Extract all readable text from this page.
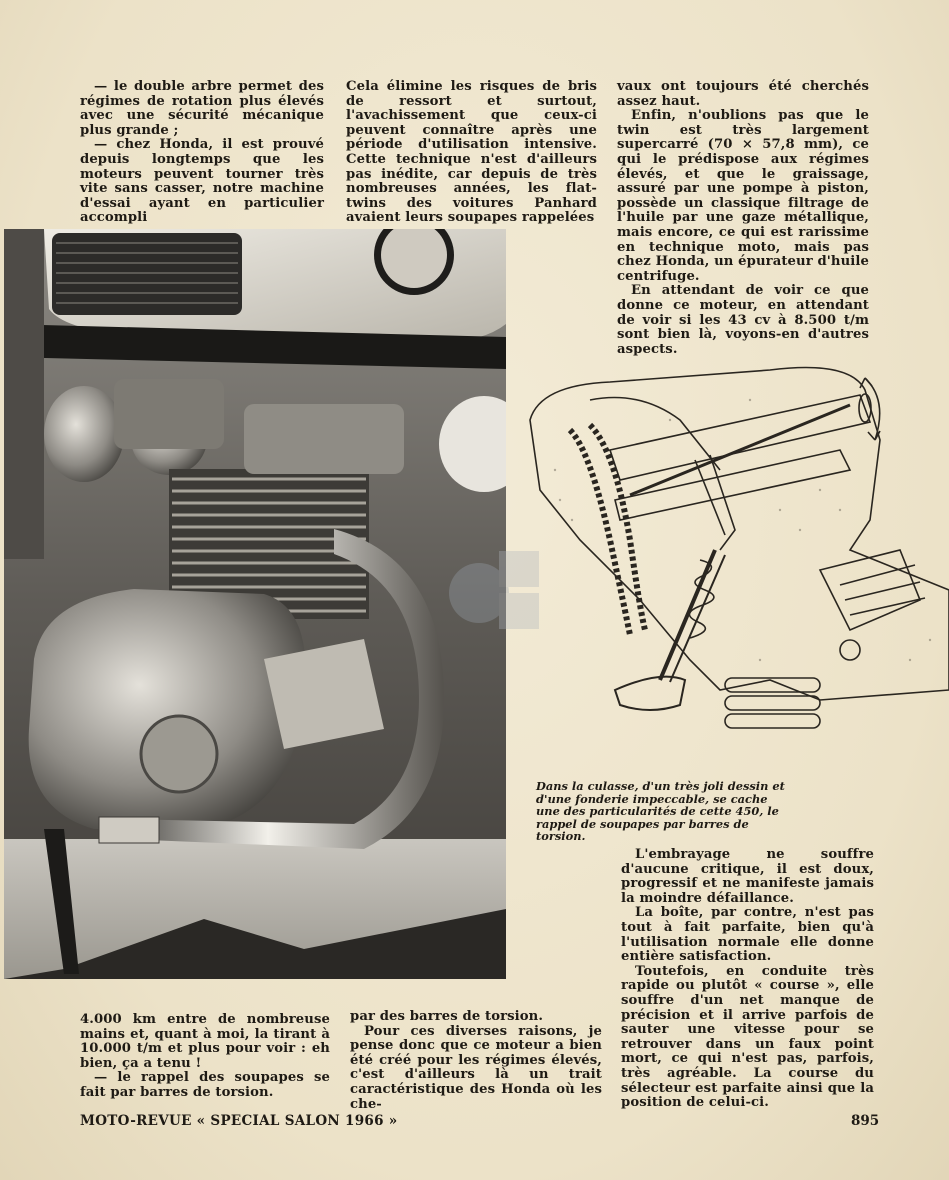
— le double arbre permet des régimes de rotation plus élevés avec une sécurité mécanique plus grande ;

— chez Honda, il est prouvé depuis longtemps que les moteurs peuvent tourner très vite sans casser, notre machine d'essai ayant en particulier accompli

Cela élimine les risques de bris de ressort et surtout, l'avachissement que ceux-ci peuvent connaître après une période d'utilisation intensive. Cette technique n'est d'ailleurs pas inédite, car depuis de très nombreuses années, les flat-twins des voitures Panhard avaient leurs soupapes rappelées

vaux ont toujours été cherchés assez haut.

Enfin, n'oublions pas que le twin est très largement supercarré (70 × 57,8 mm), ce qui le prédispose aux régimes élevés, et que le graissage, assuré par une pompe à piston, possède un classique filtrage de l'huile par une gaze métallique, mais encore, ce qui est rarissime en technique moto, mais pas chez Honda, un épurateur d'huile centrifuge.

En attendant de voir ce que donne ce moteur, en attendant de voir si les 43 cv à 8.500 t/m sont bien là, voyons-en d'autres aspects.

Dans la culasse, d'un très joli dessin et d'une fonderie impeccable, se cache une des particularités de cette 450, le rappel de soupapes par barres de torsion.

L'embrayage ne souffre d'aucune critique, il est doux, progressif et ne manifeste jamais la moindre défaillance.

La boîte, par contre, n'est pas tout à fait parfaite, bien qu'à l'utilisation normale elle donne entière satisfaction.

Toutefois, en conduite très rapide ou plutôt « course », elle souffre d'un net manque de précision et il arrive parfois de sauter une vitesse pour se retrouver dans un faux point mort, ce qui n'est pas, parfois, très agréable. La course du sélecteur est parfaite ainsi que la position de celui-ci.

4.000 km entre de nombreuse mains et, quant à moi, la tirant à 10.000 t/m et plus pour voir : eh bien, ça a tenu !

— le rappel des soupapes se fait par barres de torsion.

par des barres de torsion.

Pour ces diverses raisons, je pense donc que ce moteur a bien été créé pour les régimes élevés, c'est d'ailleurs là un trait caractéristique des Honda où les che-

MOTO-REVUE « SPECIAL SALON 1966 »	895
